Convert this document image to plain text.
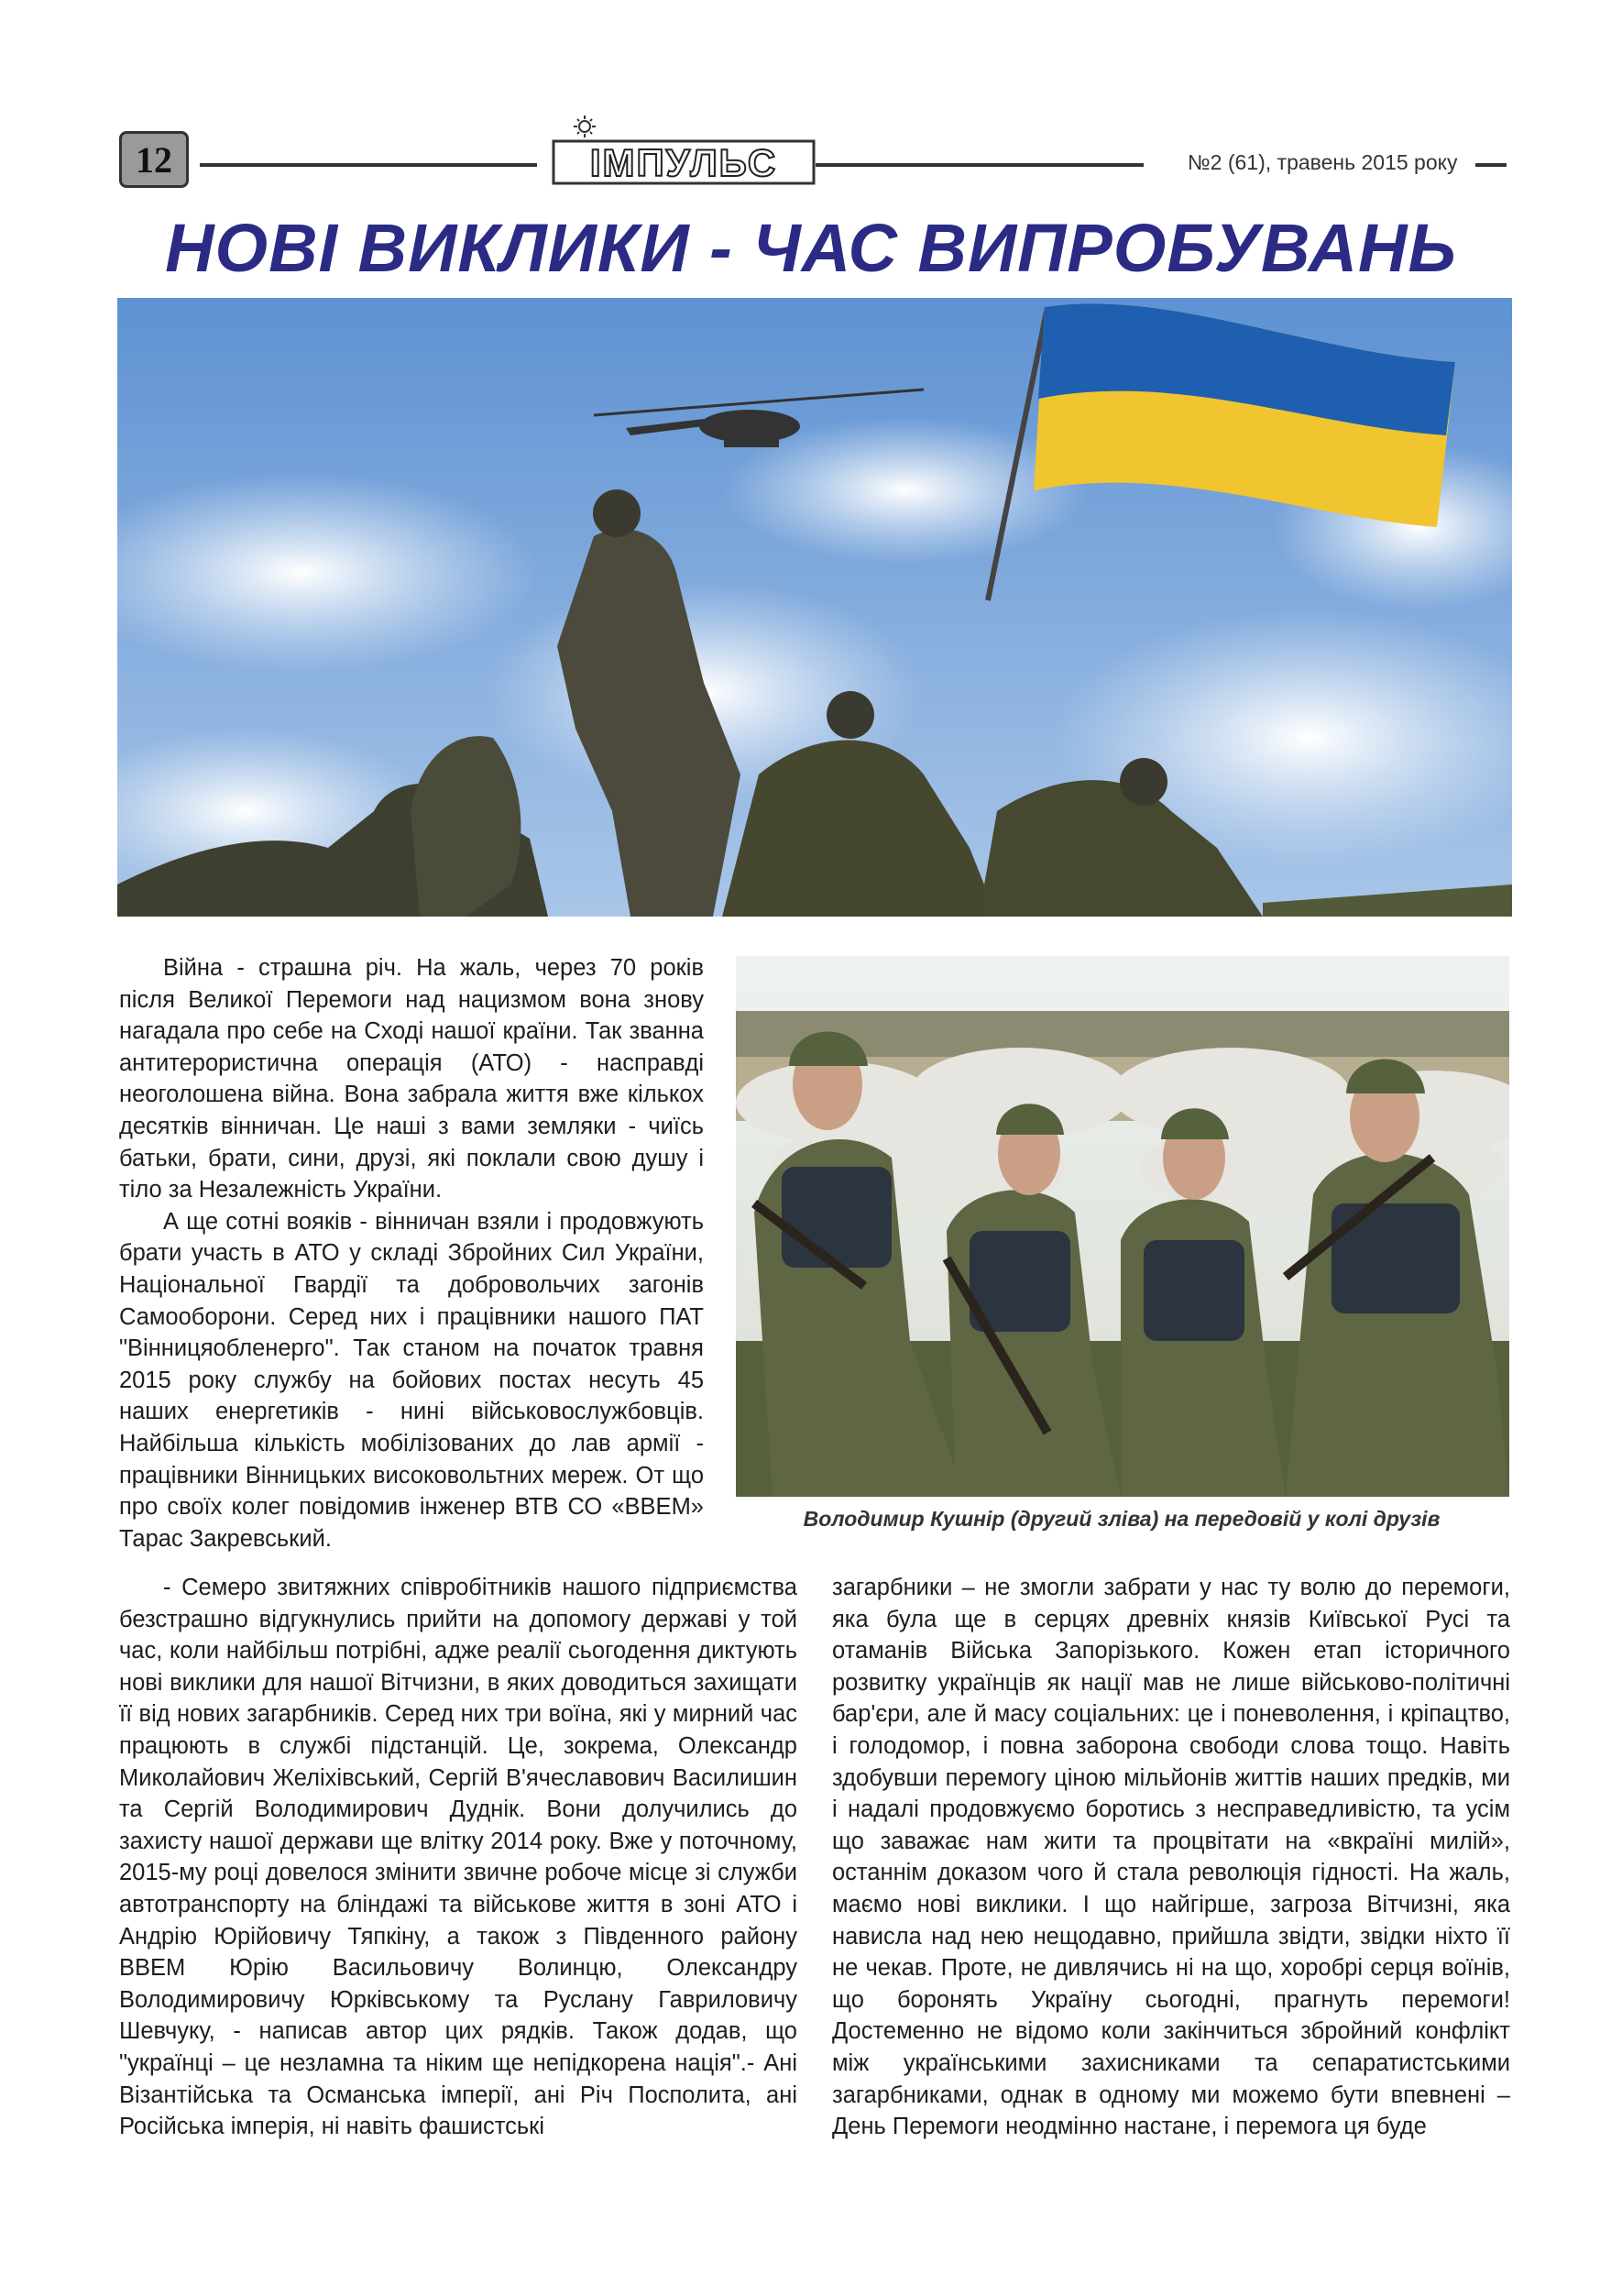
12	ІМПУЛЬС	№2 (61), травень 2015 року
НОВІ ВИКЛИКИ - ЧАС ВИПРОБУВАНЬ
Володимир Кушнір (другий зліва) на передовій у колі друзів

Війна - страшна річ. На жаль, через 70 років після Великої Перемоги над нацизмом вона знову нагадала про себе на Сході нашої країни. Так званна антитерористична операція (АТО) - насправді неоголошена війна. Вона забрала життя вже кількох десятків вінничан. Це наші з вами земляки - чиїсь батьки, брати, сини, друзі, які поклали свою душу і тіло за Незалежність України.

А ще сотні вояків - вінничан взяли і продовжують брати участь в АТО у складі Збройних Сил України, Національної Гвардії та добровольчих загонів Самооборони. Серед них і працівники нашого ПАТ "Вінницяобленерго". Так станом на початок травня 2015 року службу на бойових постах несуть 45 наших енергетиків - нині військовослужбовців. Найбільша кількість мобілізованих до лав армії - працівники Вінницьких високовольтних мереж. От що про своїх колег повідомив інженер ВТВ СО «ВВЕМ» Тарас Закревський.

- Семеро звитяжних співробітників нашого підприємства безстрашно відгукнулись прийти на допомогу державі у той час, коли найбільш потрібні, адже реалії сьогодення диктують нові виклики для нашої Вітчизни, в яких доводиться захищати її від нових загарбників. Серед них три воїна, які у мирний час працюють в службі підстанцій. Це, зокрема, Олександр Миколайович Желіхівський, Сергій В'ячеславович Василишин та Сергій Володимирович Дуднік. Вони долучились до захисту нашої держави ще влітку 2014 року. Вже у поточному, 2015-му році довелося змінити звичне робоче місце зі служби автотранспорту на бліндажі та військове життя в зоні АТО і Андрію Юрійовичу Тяпкіну, а також з Південного району ВВЕМ Юрію Васильовичу Волинцю, Олександру Володимировичу Юрківському та Руслану Гавриловичу Шевчуку, - написав автор цих рядків. Також додав, що "українці – це незламна та ніким ще непідкорена нація".- Ані Візантійська та Османська імперії, ані Річ Посполита, ані Російська імперія, ні навіть фашистські

загарбники – не змогли забрати у нас ту волю до перемоги, яка була ще в серцях древніх князів Київської Русі та отаманів Війська Запорізького. Кожен етап історичного розвитку українців як нації мав не лише військово-політичні бар'єри, але й масу соціальних: це і поневолення, і кріпацтво, і голодомор, і повна заборона свободи слова тощо. Навіть здобувши перемогу ціною мільйонів життів наших предків, ми і надалі продовжуємо боротись з несправедливістю, та усім що заважає нам жити та процвітати на «вкраїні милій», останнім доказом чого й стала революція гідності. На жаль, маємо нові виклики. І що найгірше, загроза Вітчизні, яка нависла над нею нещодавно, прийшла звідти, звідки ніхто її не чекав. Проте, не дивлячись ні на що, хоробрі серця воїнів, що боронять Україну сьогодні, прагнуть перемоги! Достеменно не відомо коли закінчиться збройний конфлікт між українськими захисниками та сепаратистськими загарбниками, однак в одному ми можемо бути впевнені – День Перемоги неодмінно настане, і перемога ця буде
